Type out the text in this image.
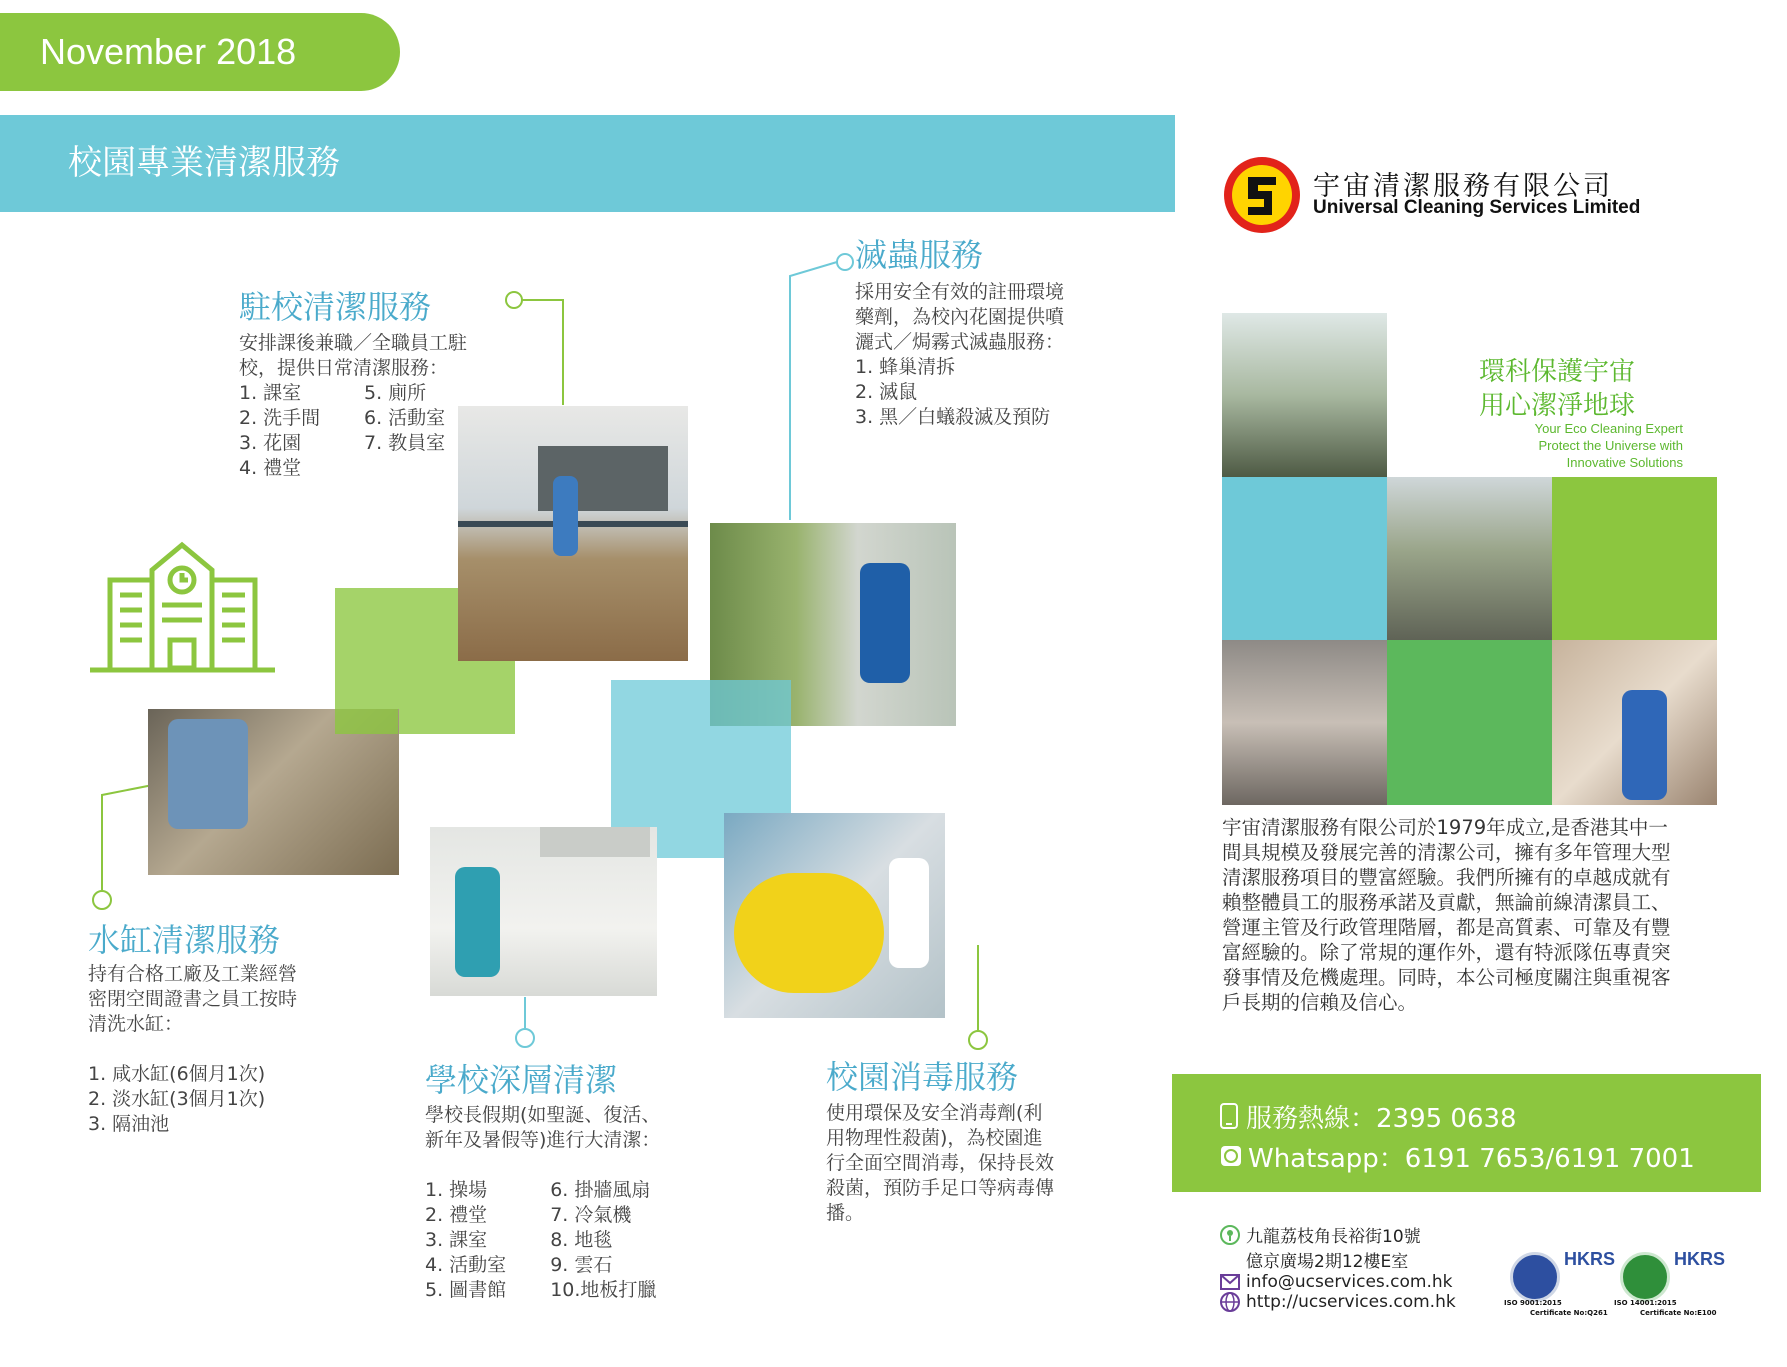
November 2018
校園專業清潔服務
駐校清潔服務

安排課後兼職／全職員工駐

校，提供日常清潔服務：

1. 課室

2. 洗手間

3. 花園

4. 禮堂

5. 廁所

6. 活動室

7. 教員室

滅蟲服務

採用安全有效的註冊環境

藥劑，為校內花園提供噴

灑式／焗霧式滅蟲服務：

1. 蜂巢清拆

2. 滅鼠

3. 黑／白蟻殺滅及預防

水缸清潔服務

持有合格工廠及工業經營

密閉空間證書之員工按時

清洗水缸：

1. 咸水缸(6個月1次)

2. 淡水缸(3個月1次)

3. 隔油池

學校深層清潔

學校長假期(如聖誕、復活、

新年及暑假等)進行大清潔：

1. 操場

2. 禮堂

3. 課室

4. 活動室

5. 圖書館

6. 掛牆風扇

7. 冷氣機

8. 地毯

9. 雲石

10.地板打臘

校園消毒服務

使用環保及安全消毒劑(利

用物理性殺菌)，為校園進

行全面空間消毒，保持長效

殺菌，預防手足口等病毒傳

播。

宇宙清潔服務有限公司
Universal Cleaning Services Limited
環科保護宇宙
用心潔淨地球
Your Eco Cleaning Expert
Protect the Universe with
Innovative Solutions

宇宙清潔服務有限公司於1979年成立,是香港其中一

間具規模及發展完善的清潔公司，擁有多年管理大型

清潔服務項目的豐富經驗。我們所擁有的卓越成就有

賴整體員工的服務承諾及貢獻，無論前線清潔員工、

營運主管及行政管理階層，都是高質素、可靠及有豐

富經驗的。除了常規的運作外，還有特派隊伍專責突

發事情及危機處理。同時，本公司極度關注與重視客

戶長期的信賴及信心。

服務熱線：2395 0638
Whatsapp：6191 7653/6191 7001
九龍荔枝角長裕街10號
億京廣場2期12樓E室
info@ucservices.com.hk
http://ucservices.com.hk
HKRS	HKRS
ISO 9001:2015	ISO 14001:2015
Certificate No:Q261	Certificate No:E100
